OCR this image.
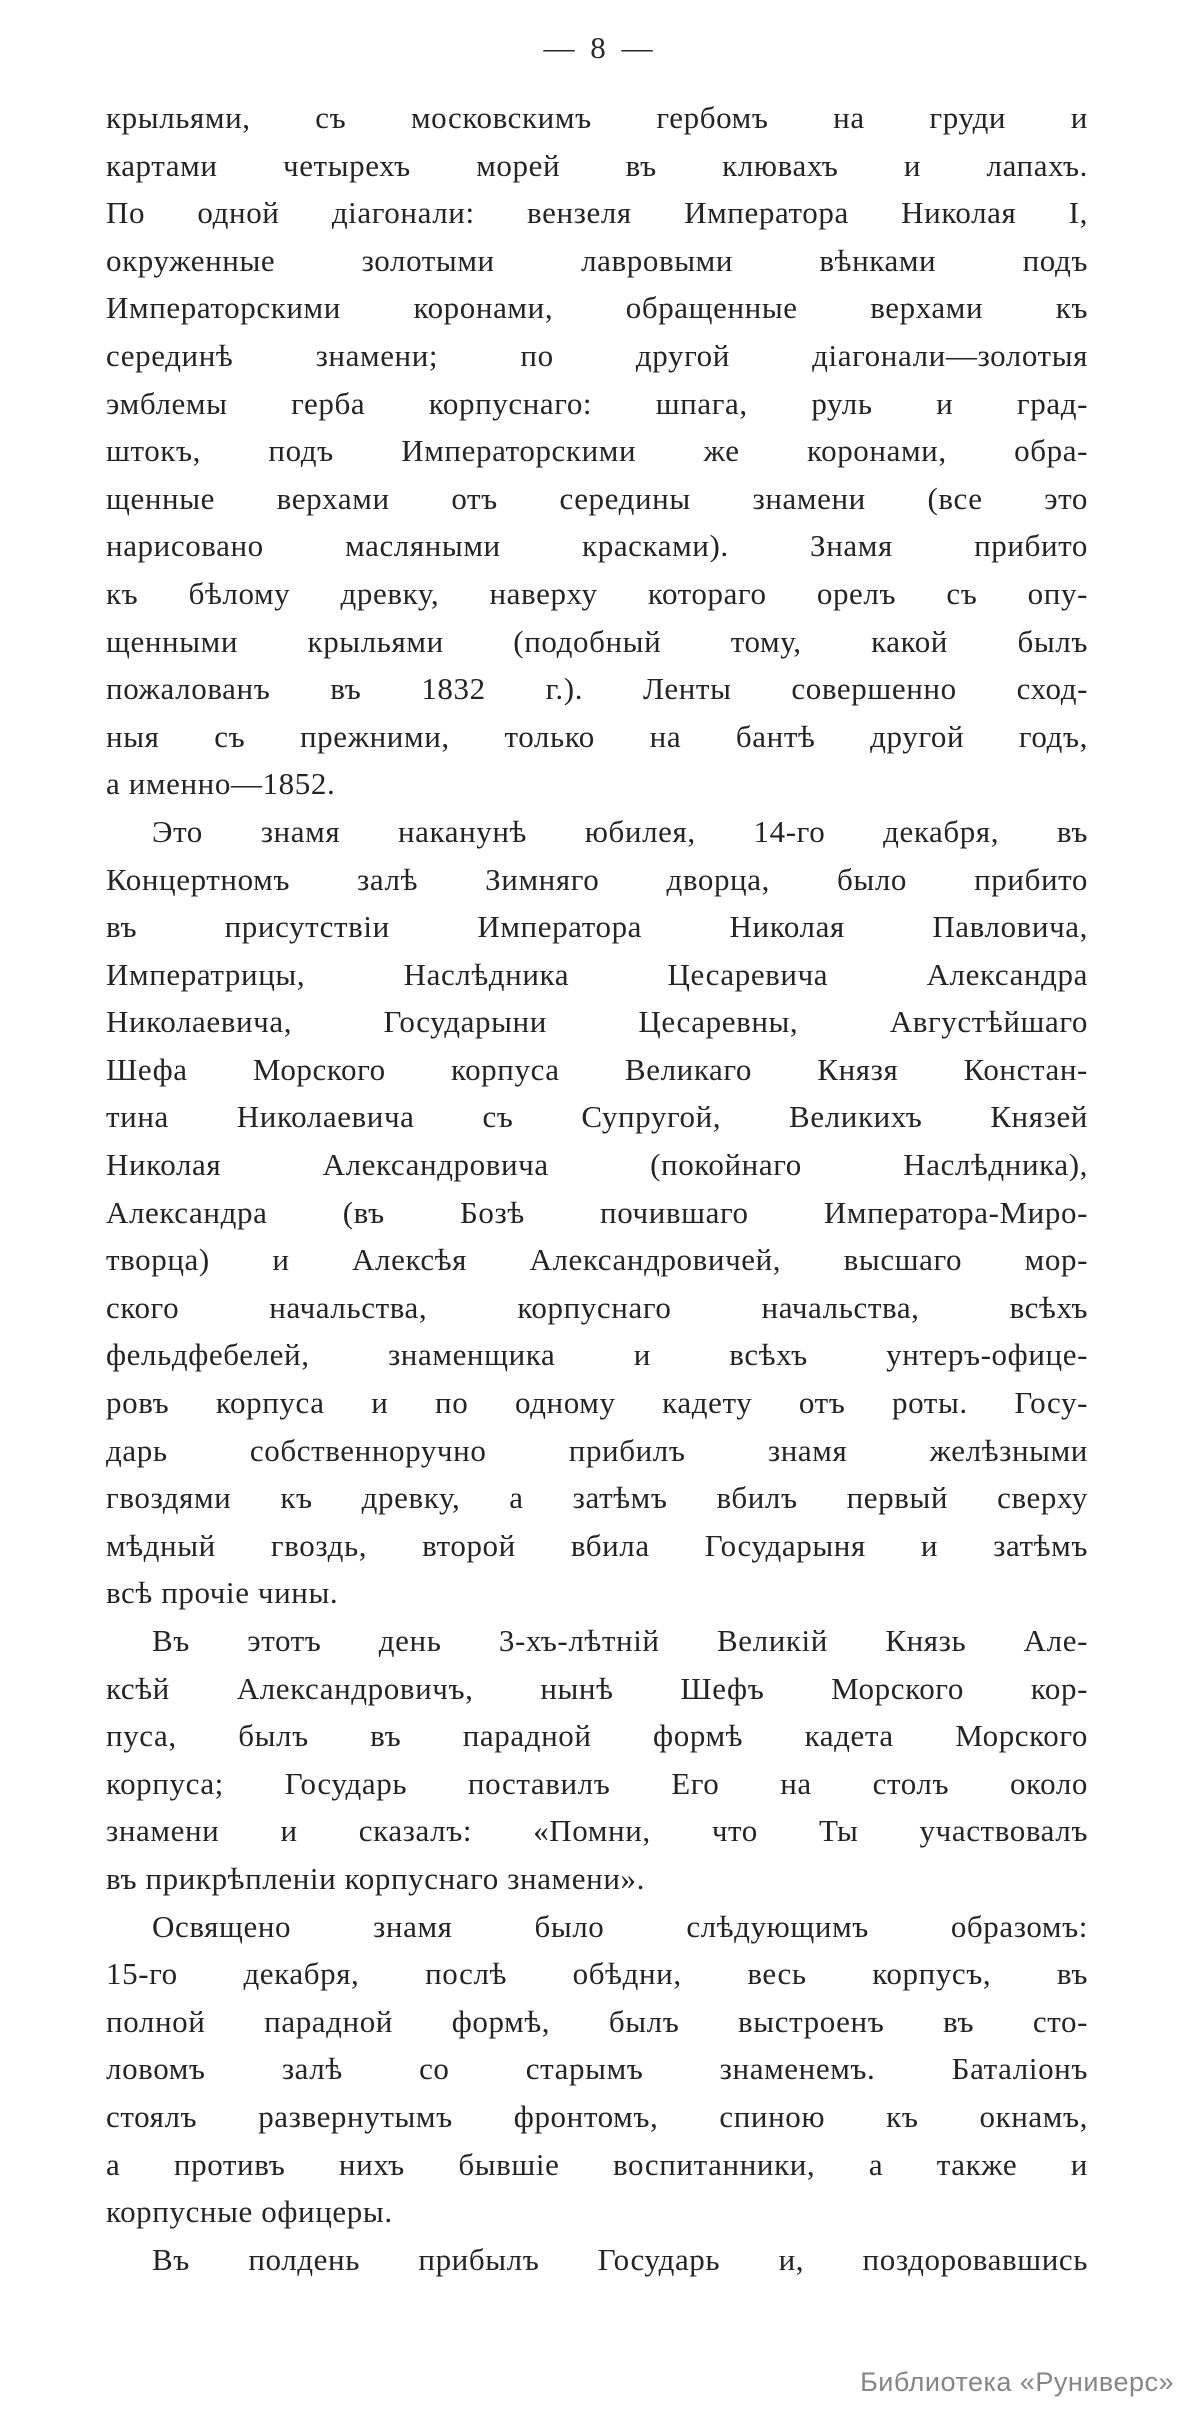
— 8 —
крыльями, съ московскимъ гербомъ на груди и
картами четырехъ морей въ клювахъ и лапахъ.
По одной діагонали: вензеля Императора Николая I,
окруженные золотыми лавровыми вѣнками подъ
Императорскими коронами, обращенные верхами къ
серединѣ знамени; по другой діагонали—золотыя
эмблемы герба корпуснаго: шпага, руль и град-
штокъ, подъ Императорскими же коронами, обра-
щенные верхами отъ середины знамени (все это
нарисовано масляными красками). Знамя прибито
къ бѣлому древку, наверху котораго орелъ съ опу-
щенными крыльями (подобный тому, какой былъ
пожалованъ въ 1832 г.). Ленты совершенно сход-
ныя съ прежними, только на бантѣ другой годъ,
а именно—1852.
Это знамя наканунѣ юбилея, 14-го декабря, въ
Концертномъ залѣ Зимняго дворца, было прибито
въ присутствіи Императора Николая Павловича,
Императрицы, Наслѣдника Цесаревича Александра
Николаевича, Государыни Цесаревны, Августѣйшаго
Шефа Морского корпуса Великаго Князя Констан-
тина Николаевича съ Супругой, Великихъ Князей
Николая Александровича (покойнаго Наслѣдника),
Александра (въ Бозѣ почившаго Императора-Миро-
творца) и Алексѣя Александровичей, высшаго мор-
ского начальства, корпуснаго начальства, всѣхъ
фельдфебелей, знаменщика и всѣхъ унтеръ-офице-
ровъ корпуса и по одному кадету отъ роты. Госу-
дарь собственноручно прибилъ знамя желѣзными
гвоздями къ древку, а затѣмъ вбилъ первый сверху
мѣдный гвоздь, второй вбила Государыня и затѣмъ
всѣ прочіе чины.
Въ этотъ день 3-хъ-лѣтній Великій Князь Але-
ксѣй Александровичъ, нынѣ Шефъ Морского кор-
пуса, былъ въ парадной формѣ кадета Морского
корпуса; Государь поставилъ Его на столъ около
знамени и сказалъ: «Помни, что Ты участвовалъ
въ прикрѣпленіи корпуснаго знамени».
Освящено знамя было слѣдующимъ образомъ:
15-го декабря, послѣ обѣдни, весь корпусъ, въ
полной парадной формѣ, былъ выстроенъ въ сто-
ловомъ залѣ со старымъ знаменемъ. Баталіонъ
стоялъ развернутымъ фронтомъ, спиною къ окнамъ,
а противъ нихъ бывшіе воспитанники, а также и
корпусные офицеры.
Въ полдень прибылъ Государь и, поздоровавшись
Библиотека «Руниверс»
